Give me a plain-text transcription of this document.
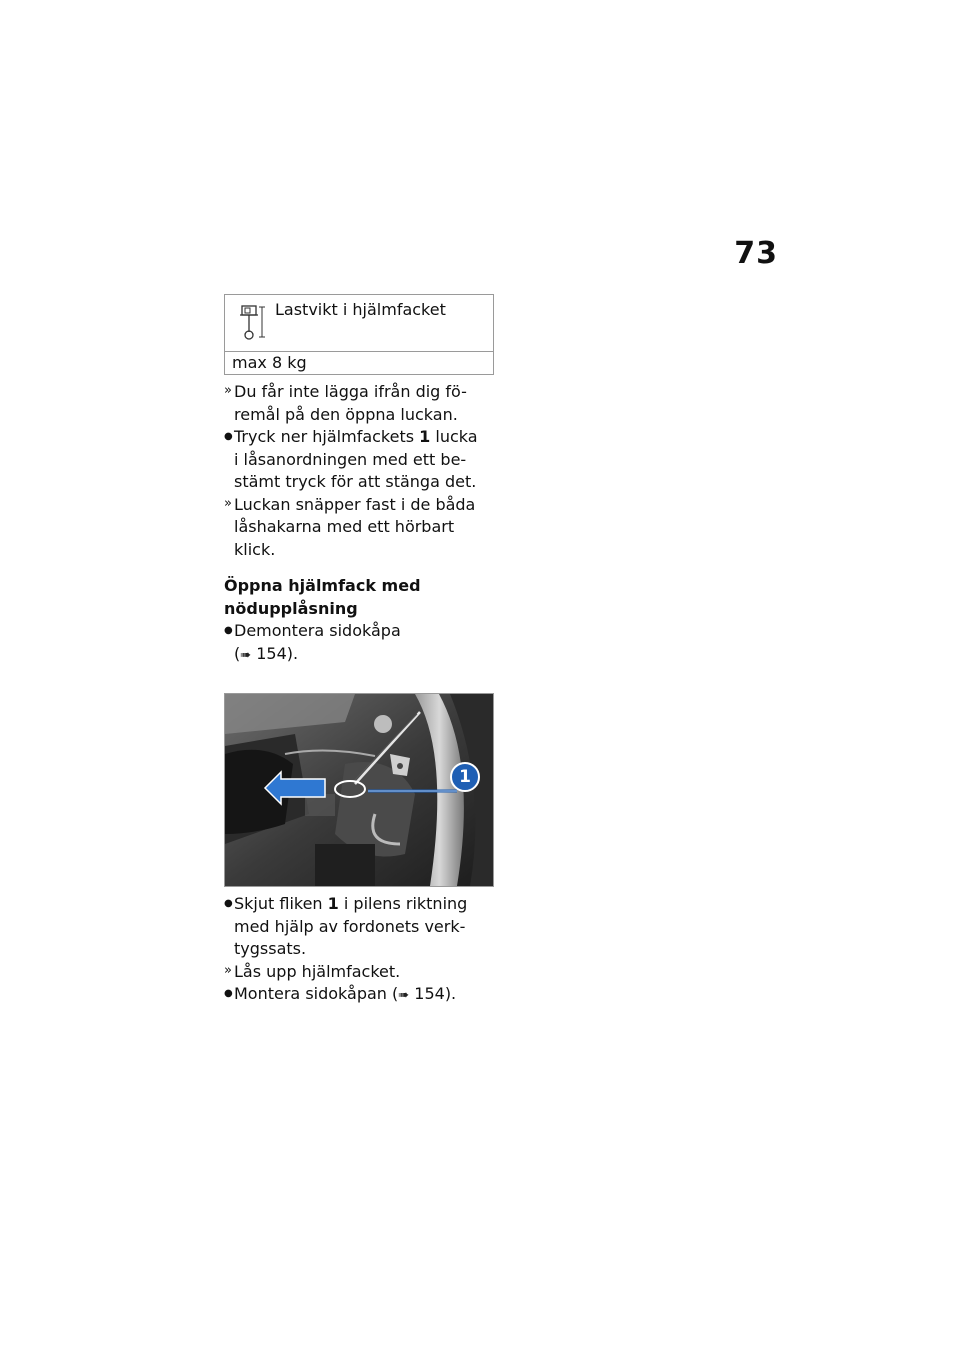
73
Lastvikt i hjälmfacket
max 8 kg
» Du får inte lägga ifrån dig fö-
remål på den öppna luckan.
● Tryck ner hjälmfackets 1 lucka
i låsanordningen med ett be-
stämt tryck för att stänga det.
» Luckan snäpper fast i de båda
låshakarna med ett hörbart
klick.
Öppna hjälmfack med
nödupplåsning
● Demontera sidokåpa
(➠ 154).
1
● Skjut fliken 1 i pilens riktning
med hjälp av fordonets verk-
tygssats.
» Lås upp hjälmfacket.
● Montera sidokåpan (➠ 154).
